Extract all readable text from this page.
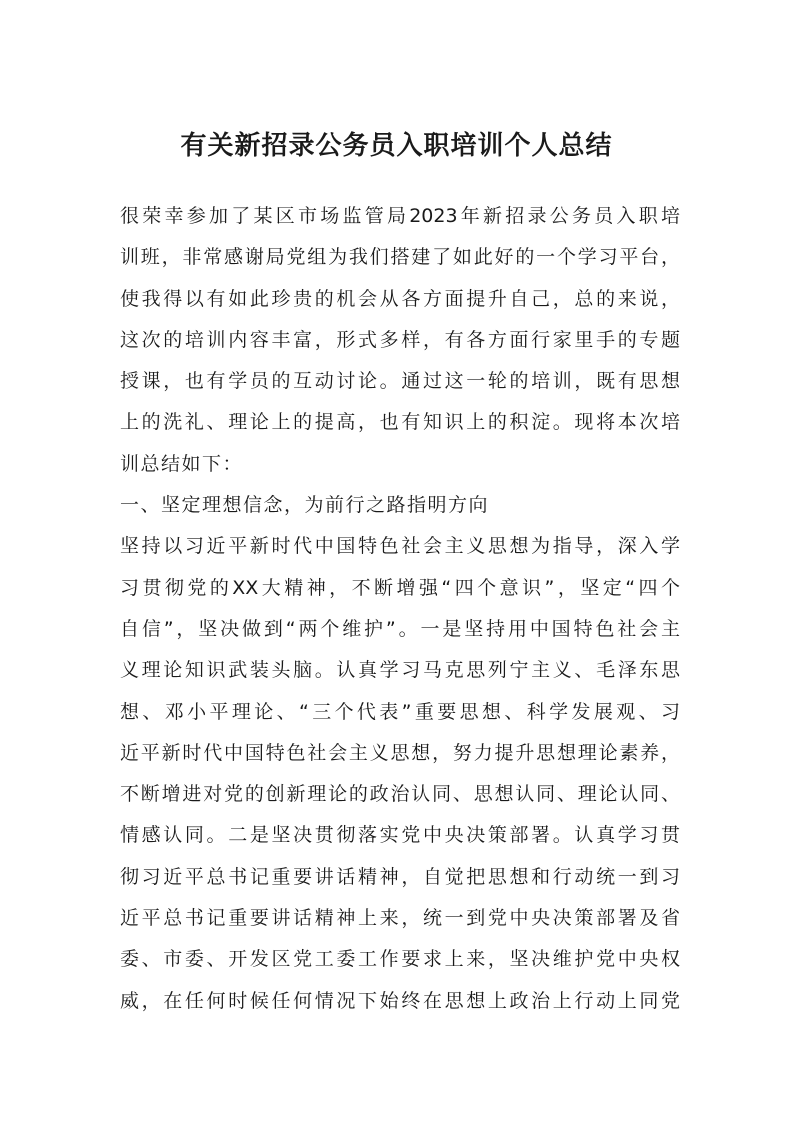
有关新招录公务员入职培训个人总结
很荣幸参加了某区市场监管局2023年新招录公务员入职培
训班，非常感谢局党组为我们搭建了如此好的一个学习平台，
使我得以有如此珍贵的机会从各方面提升自己，总的来说，
这次的培训内容丰富，形式多样，有各方面行家里手的专题
授课，也有学员的互动讨论。通过这一轮的培训，既有思想
上的洗礼、理论上的提高，也有知识上的积淀。现将本次培
训总结如下：
一、坚定理想信念，为前行之路指明方向
坚持以习近平新时代中国特色社会主义思想为指导，深入学
习贯彻党的XX大精神，不断增强“四个意识”，坚定“四个
自信”，坚决做到“两个维护”。一是坚持用中国特色社会主
义理论知识武装头脑。认真学习马克思列宁主义、毛泽东思
想、邓小平理论、“三个代表”重要思想、科学发展观、习
近平新时代中国特色社会主义思想，努力提升思想理论素养，
不断增进对党的创新理论的政治认同、思想认同、理论认同、
情感认同。二是坚决贯彻落实党中央决策部署。认真学习贯
彻习近平总书记重要讲话精神，自觉把思想和行动统一到习
近平总书记重要讲话精神上来，统一到党中央决策部署及省
委、市委、开发区党工委工作要求上来，坚决维护党中央权
威，在任何时候任何情况下始终在思想上政治上行动上同党
